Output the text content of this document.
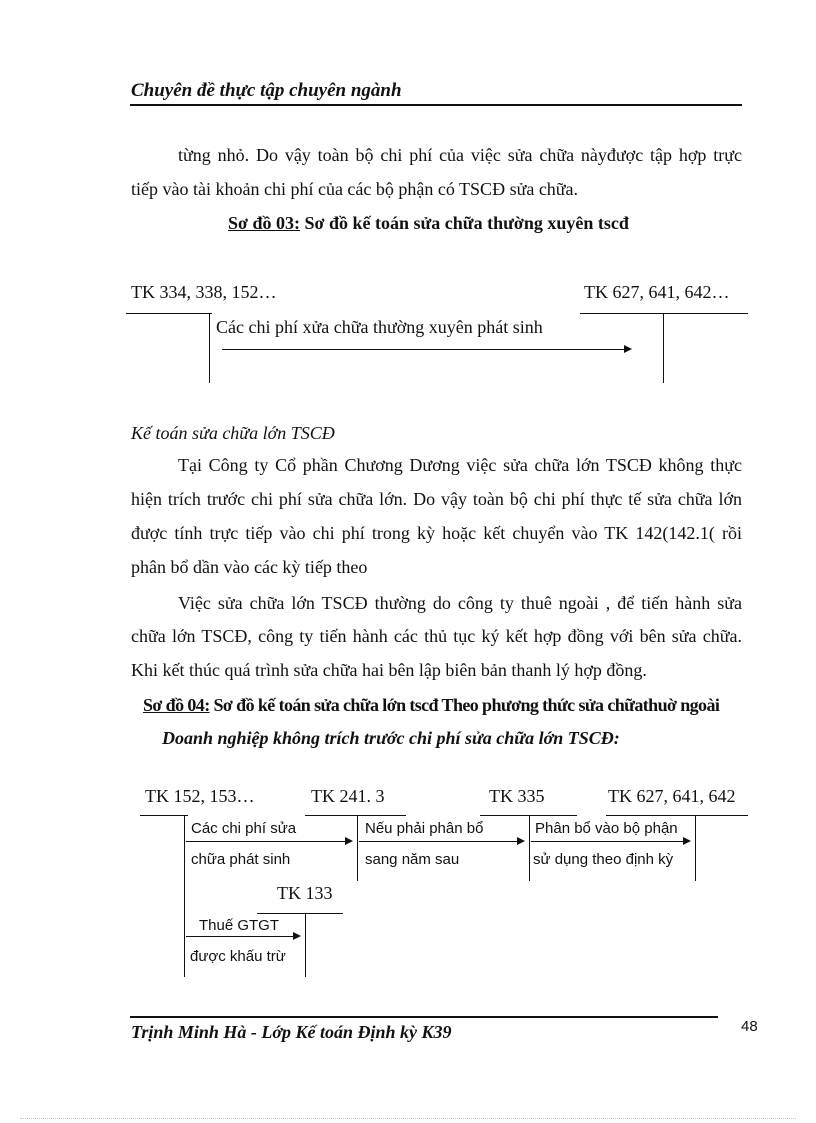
Chuyên đề thực tập chuyên ngành
từng nhỏ. Do vậy toàn bộ chi phí của việc sửa chữa nàyđược tập hợp trực
tiếp vào tài khoản chi phí của các bộ phận có TSCĐ sửa chữa.
Sơ đồ 03: Sơ đồ kế toán sửa chữa thường xuyên tscđ
TK 334, 338, 152…	TK 627, 641, 642…
Các chi phí xửa chữa thường xuyên phát sinh
Kế toán sửa chữa lớn TSCĐ
Tại Công ty Cổ phần Chương Dương việc sửa chữa lớn TSCĐ không thực
hiện trích trước chi phí sửa chữa lớn. Do vậy toàn bộ chi phí thực tế sửa chữa lớn
được tính trực tiếp vào chi phí trong kỳ hoặc kết chuyển vào TK 142(142.1( rồi
phân bổ dần vào các kỳ tiếp theo
Việc sửa chữa lớn TSCĐ thường do công ty thuê ngoài , để tiến hành sửa
chữa lớn TSCĐ, công ty tiến hành các thủ tục ký kết hợp đồng với bên sửa chữa.
Khi kết thúc quá trình sửa chữa hai bên lập biên bản thanh lý hợp đồng.
Sơ đồ 04: Sơ đồ kế toán sửa chữa lớn tscđ Theo phương thức sửa chữathuờ ngoài
Doanh nghiệp không trích trước chi phí sửa chữa lớn TSCĐ:
TK 152, 153…	TK 241. 3	TK 335	TK 627, 641, 642
Các chi phí sửa
chữa phát sinh
Nếu phải phân bổ
sang năm sau
Phân bổ vào bộ phận
sử dụng theo định kỳ
TK 133
Thuế GTGT
được khấu trừ
Trịnh Minh Hà - Lớp Kế toán Định kỳ K39	48
